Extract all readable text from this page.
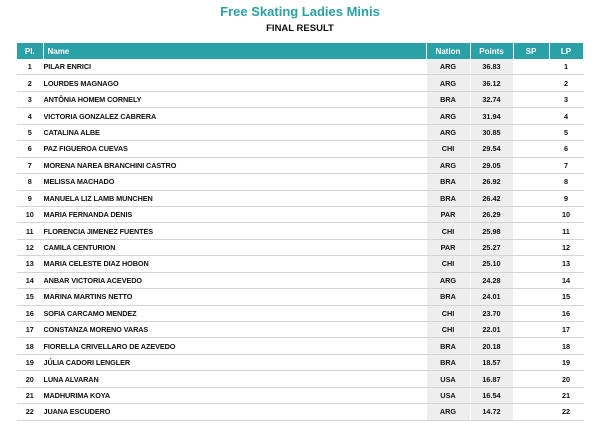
Free Skating Ladies Minis
FINAL RESULT
Pl.	Name	Nation	Points	SP	LP
1	PILAR ENRICI	ARG	36.83		1
2	LOURDES MAGNAGO	ARG	36.12		2
3	ANTÔNIA HOMEM CORNELY	BRA	32.74		3
4	VICTORIA GONZALEZ CABRERA	ARG	31.94		4
5	CATALINA ALBE	ARG	30.85		5
6	PAZ FIGUEROA CUEVAS	CHI	29.54		6
7	MORENA NAREA BRANCHINI CASTRO	ARG	29.05		7
8	MELISSA MACHADO	BRA	26.92		8
9	MANUELA LIZ LAMB MUNCHEN	BRA	26.42		9
10	MARIA FERNANDA DENIS	PAR	26.29		10
11	FLORENCIA JIMENEZ FUENTES	CHI	25.98		11
12	CAMILA CENTURION	PAR	25.27		12
13	MARIA CELESTE DIAZ HOBON	CHI	25.10		13
14	ANBAR VICTORIA ACEVEDO	ARG	24.28		14
15	MARINA MARTINS NETTO	BRA	24.01		15
16	SOFIA CARCAMO MENDEZ	CHI	23.70		16
17	CONSTANZA MORENO VARAS	CHI	22.01		17
18	FIORELLA CRIVELLARO DE AZEVEDO	BRA	20.18		18
19	JÚLIA CADORI LENGLER	BRA	18.57		19
20	LUNA ALVARAN	USA	16.87		20
21	MADHURIMA KOYA	USA	16.54		21
22	JUANA ESCUDERO	ARG	14.72		22
